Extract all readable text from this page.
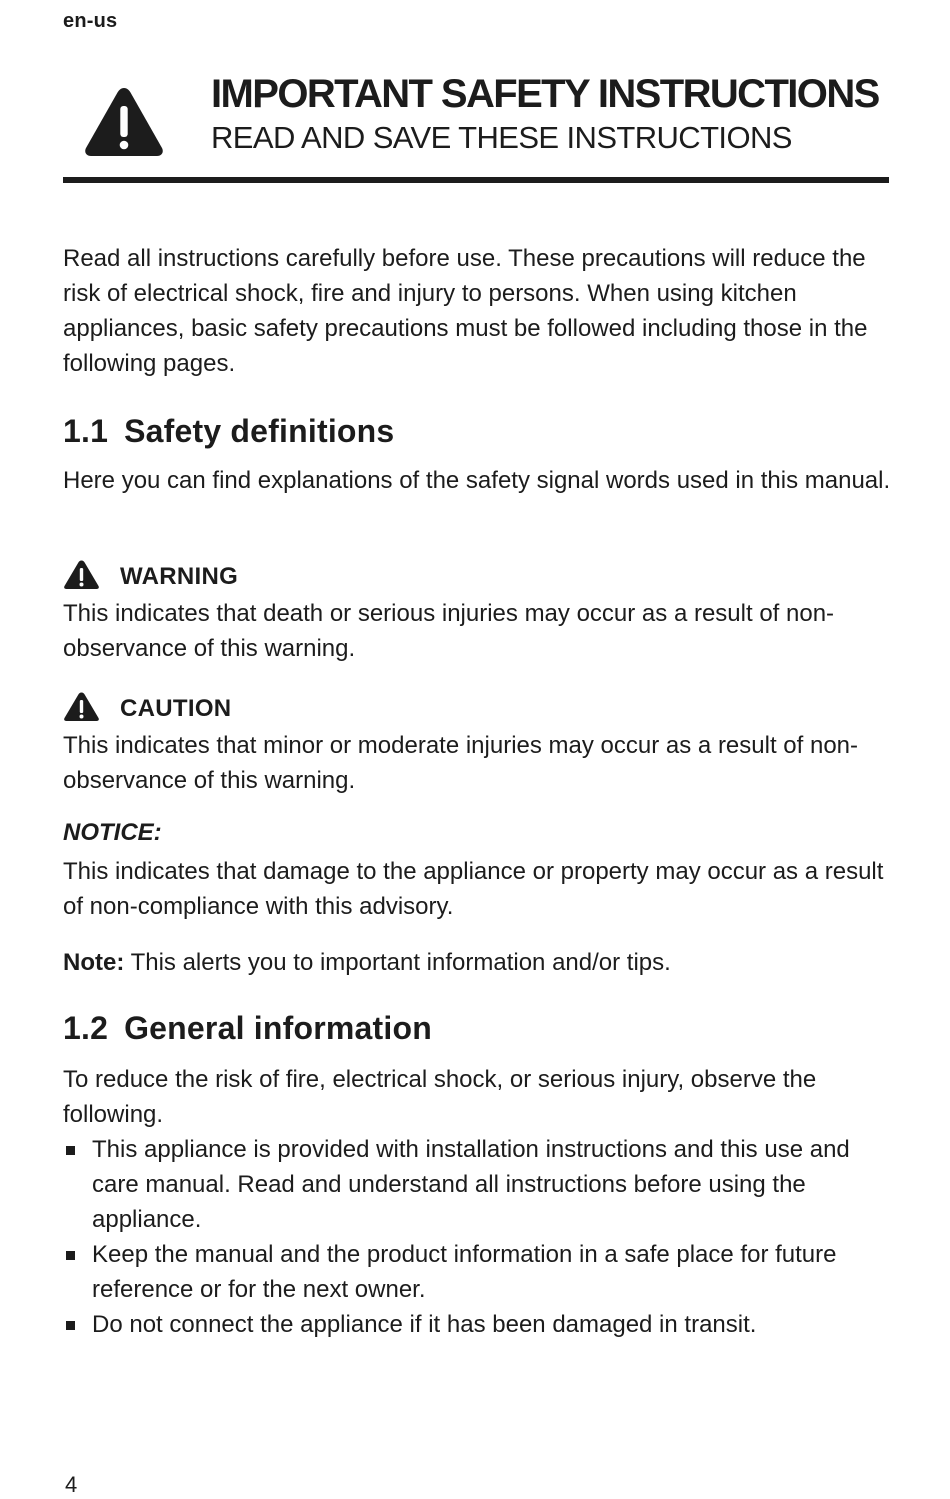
en-us
IMPORTANT SAFETY INSTRUCTIONS
READ AND SAVE THESE INSTRUCTIONS
Read all instructions carefully before use. These precautions will reduce the risk of electrical shock, fire and injury to persons. When using kitchen appliances, basic safety precautions must be followed including those in the following pages.
1.1 Safety definitions
Here you can find explanations of the safety signal words used in this manual.
WARNING
This indicates that death or serious injuries may occur as a result of non-observance of this warning.
CAUTION
This indicates that minor or moderate injuries may occur as a result of non-observance of this warning.
NOTICE:
This indicates that damage to the appliance or property may occur as a result of non-compliance with this advisory.
Note: This alerts you to important information and/or tips.
1.2 General information
To reduce the risk of fire, electrical shock, or serious injury, observe the following.
This appliance is provided with installation instructions and this use and care manual. Read and understand all instructions before using the appliance.
Keep the manual and the product information in a safe place for future reference or for the next owner.
Do not connect the appliance if it has been damaged in transit.
4
